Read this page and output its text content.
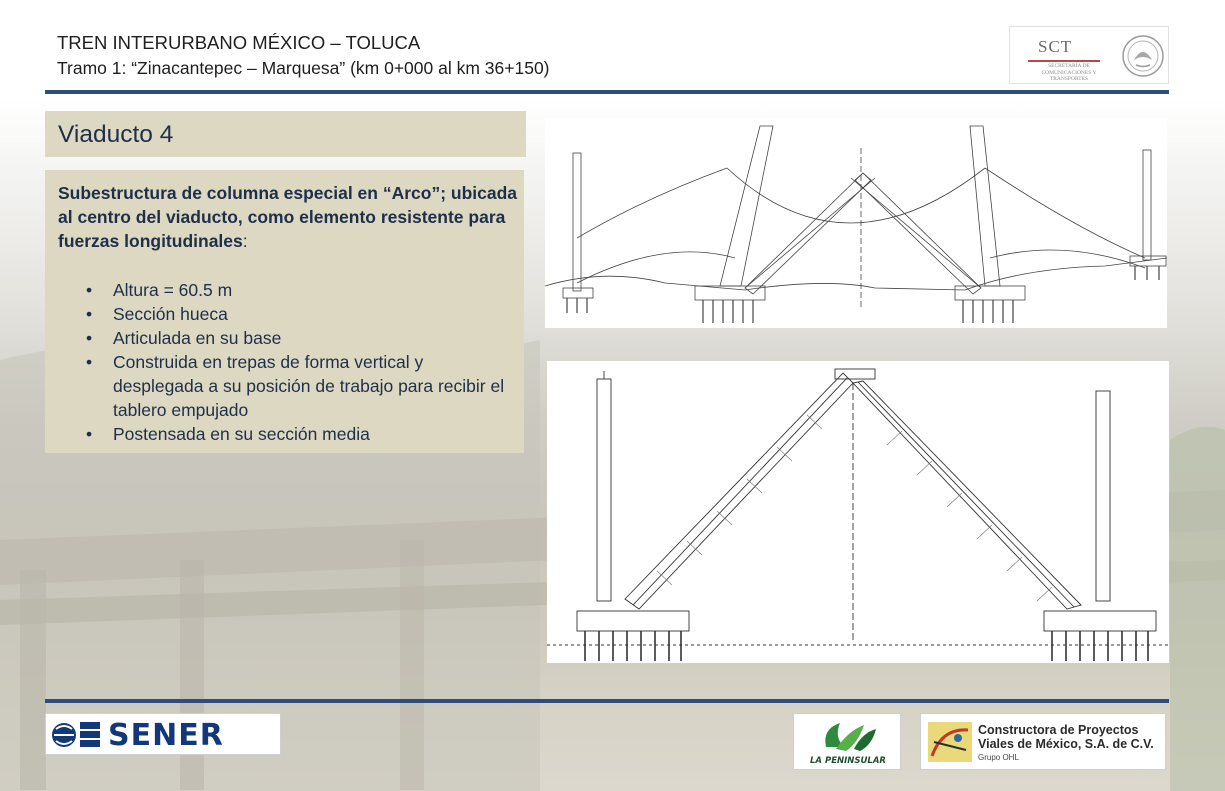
TREN INTERURBANO MÉXICO – TOLUCA
Tramo 1: “Zinacantepec – Marquesa” (km 0+000 al km 36+150)
SCT
SECRETARÍA DE COMUNICACIONES Y TRANSPORTES
Viaducto 4
Subestructura de columna especial en “Arco”; ubicada al centro del viaducto, como elemento resistente para fuerzas longitudinales:
• Altura = 60.5 m
• Sección hueca
• Articulada en su base
• Construida en trepas de forma vertical y desplegada a su posición de trabajo para recibir el tablero empujado
• Postensada en su sección media
SENER
LA PENINSULAR
Constructora de Proyectos Viales de México, S.A. de C.V.
Grupo OHL
